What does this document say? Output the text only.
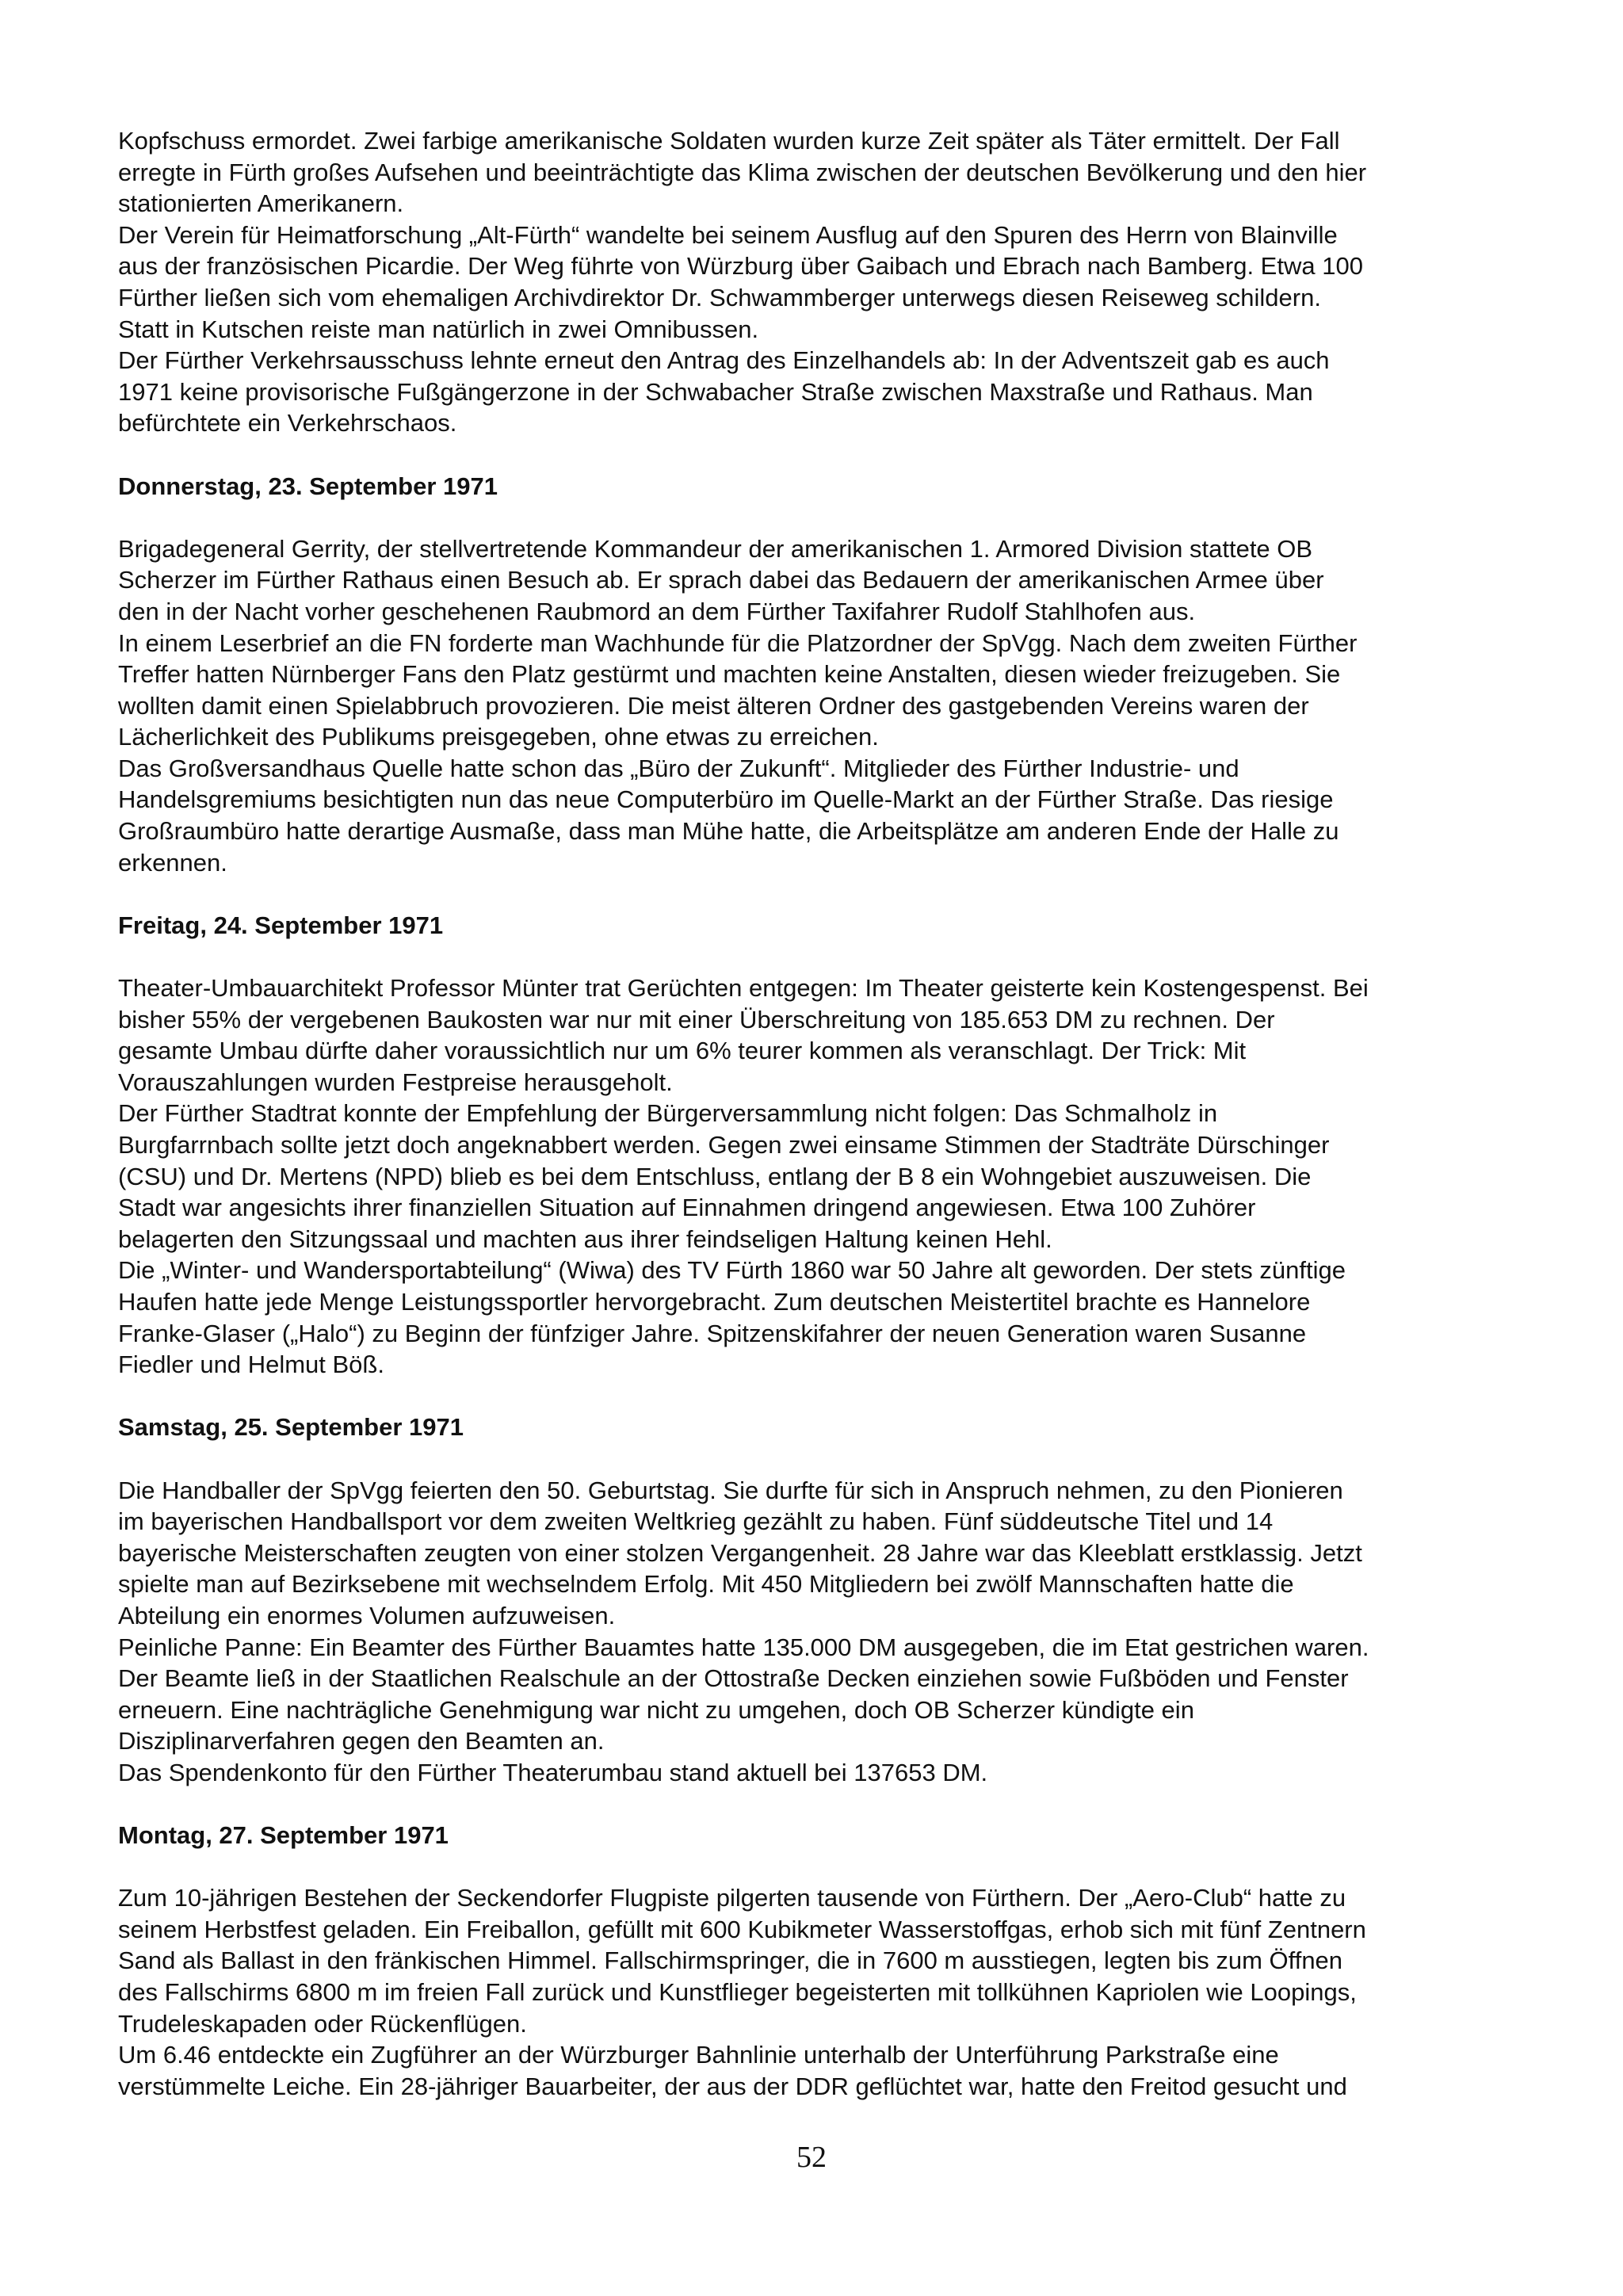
Kopfschuss ermordet. Zwei farbige amerikanische Soldaten wurden kurze Zeit später als Täter ermittelt. Der Fall
erregte in Fürth großes Aufsehen und beeinträchtigte das Klima zwischen der deutschen Bevölkerung und den hier
stationierten Amerikanern.
Der Verein für Heimatforschung „Alt-Fürth“ wandelte bei seinem Ausflug auf den Spuren des Herrn von Blainville
aus der französischen Picardie. Der Weg führte von Würzburg über Gaibach und Ebrach nach Bamberg. Etwa 100
Fürther ließen sich vom ehemaligen Archivdirektor Dr. Schwammberger unterwegs diesen Reiseweg schildern.
Statt in Kutschen reiste man natürlich in zwei Omnibussen.
Der Fürther Verkehrsausschuss lehnte erneut den Antrag des Einzelhandels ab: In der Adventszeit gab es auch
1971 keine provisorische Fußgängerzone in der Schwabacher Straße zwischen Maxstraße und Rathaus. Man
befürchtete ein Verkehrschaos.
Donnerstag, 23. September 1971
Brigadegeneral Gerrity, der stellvertretende Kommandeur der amerikanischen 1. Armored Division stattete OB
Scherzer im Fürther Rathaus einen Besuch ab. Er sprach dabei das Bedauern der amerikanischen Armee über
den in der Nacht vorher geschehenen Raubmord an dem Fürther Taxifahrer Rudolf Stahlhofen aus.
In einem Leserbrief an die FN forderte man Wachhunde für die Platzordner der SpVgg. Nach dem zweiten Fürther
Treffer hatten Nürnberger Fans den Platz gestürmt und machten keine Anstalten, diesen wieder freizugeben. Sie
wollten damit einen Spielabbruch provozieren. Die meist älteren Ordner des gastgebenden Vereins waren der
Lächerlichkeit des Publikums preisgegeben, ohne etwas zu erreichen.
Das Großversandhaus Quelle hatte schon das „Büro der Zukunft“. Mitglieder des Fürther Industrie- und
Handelsgremiums besichtigten nun das neue Computerbüro im Quelle-Markt an der Fürther Straße. Das riesige
Großraumbüro hatte derartige Ausmaße, dass man Mühe hatte, die Arbeitsplätze am anderen Ende der Halle zu
erkennen.
Freitag, 24. September 1971
Theater-Umbauarchitekt Professor Münter trat Gerüchten entgegen: Im Theater geisterte kein Kostengespenst. Bei
bisher 55% der vergebenen Baukosten war nur mit einer Überschreitung von 185.653 DM zu rechnen. Der
gesamte Umbau dürfte daher voraussichtlich nur um 6% teurer kommen als veranschlagt. Der Trick: Mit
Vorauszahlungen wurden Festpreise herausgeholt.
Der Fürther Stadtrat konnte der Empfehlung der Bürgerversammlung nicht folgen: Das Schmalholz in
Burgfarrnbach sollte jetzt doch angeknabbert werden. Gegen zwei einsame Stimmen der Stadträte Dürschinger
(CSU) und Dr. Mertens (NPD) blieb es bei dem Entschluss, entlang der B 8 ein Wohngebiet auszuweisen. Die
Stadt war angesichts ihrer finanziellen Situation auf Einnahmen dringend angewiesen. Etwa 100 Zuhörer
belagerten den Sitzungssaal und machten aus ihrer feindseligen Haltung keinen Hehl.
Die „Winter- und Wandersportabteilung“ (Wiwa) des TV Fürth 1860 war 50 Jahre alt geworden. Der stets zünftige
Haufen hatte jede Menge Leistungssportler hervorgebracht. Zum deutschen Meistertitel brachte es Hannelore
Franke-Glaser („Halo“) zu Beginn der fünfziger Jahre. Spitzenskifahrer der neuen Generation waren Susanne
Fiedler und Helmut Böß.
Samstag, 25. September 1971
Die Handballer der SpVgg feierten den 50. Geburtstag. Sie durfte für sich in Anspruch nehmen, zu den Pionieren
im bayerischen Handballsport vor dem zweiten Weltkrieg gezählt zu haben. Fünf süddeutsche Titel und 14
bayerische Meisterschaften zeugten von einer stolzen Vergangenheit. 28 Jahre war das Kleeblatt erstklassig. Jetzt
spielte man auf Bezirksebene mit wechselndem Erfolg. Mit 450 Mitgliedern bei zwölf Mannschaften hatte die
Abteilung ein enormes Volumen aufzuweisen.
Peinliche Panne: Ein Beamter des Fürther Bauamtes hatte 135.000 DM ausgegeben, die im Etat gestrichen waren.
Der Beamte ließ in der Staatlichen Realschule an der Ottostraße Decken einziehen sowie Fußböden und Fenster
erneuern. Eine nachträgliche Genehmigung war nicht zu umgehen, doch OB Scherzer kündigte ein
Disziplinarverfahren gegen den Beamten an.
Das Spendenkonto für den Fürther Theaterumbau stand aktuell bei 137653 DM.
Montag, 27. September 1971
Zum 10-jährigen Bestehen der Seckendorfer Flugpiste pilgerten tausende von Fürthern. Der „Aero-Club“ hatte zu
seinem Herbstfest geladen. Ein Freiballon, gefüllt mit 600 Kubikmeter Wasserstoffgas, erhob sich mit fünf Zentnern
Sand als Ballast in den fränkischen Himmel. Fallschirmspringer, die in 7600 m ausstiegen, legten bis zum Öffnen
des Fallschirms 6800 m im freien Fall zurück und Kunstflieger begeisterten mit tollkühnen Kapriolen wie Loopings,
Trudeleskapaden oder Rückenflügen.
Um 6.46 entdeckte ein Zugführer an der Würzburger Bahnlinie unterhalb der Unterführung Parkstraße eine
verstümmelte Leiche. Ein 28-jähriger Bauarbeiter, der aus der DDR geflüchtet war, hatte den Freitod gesucht und
52
